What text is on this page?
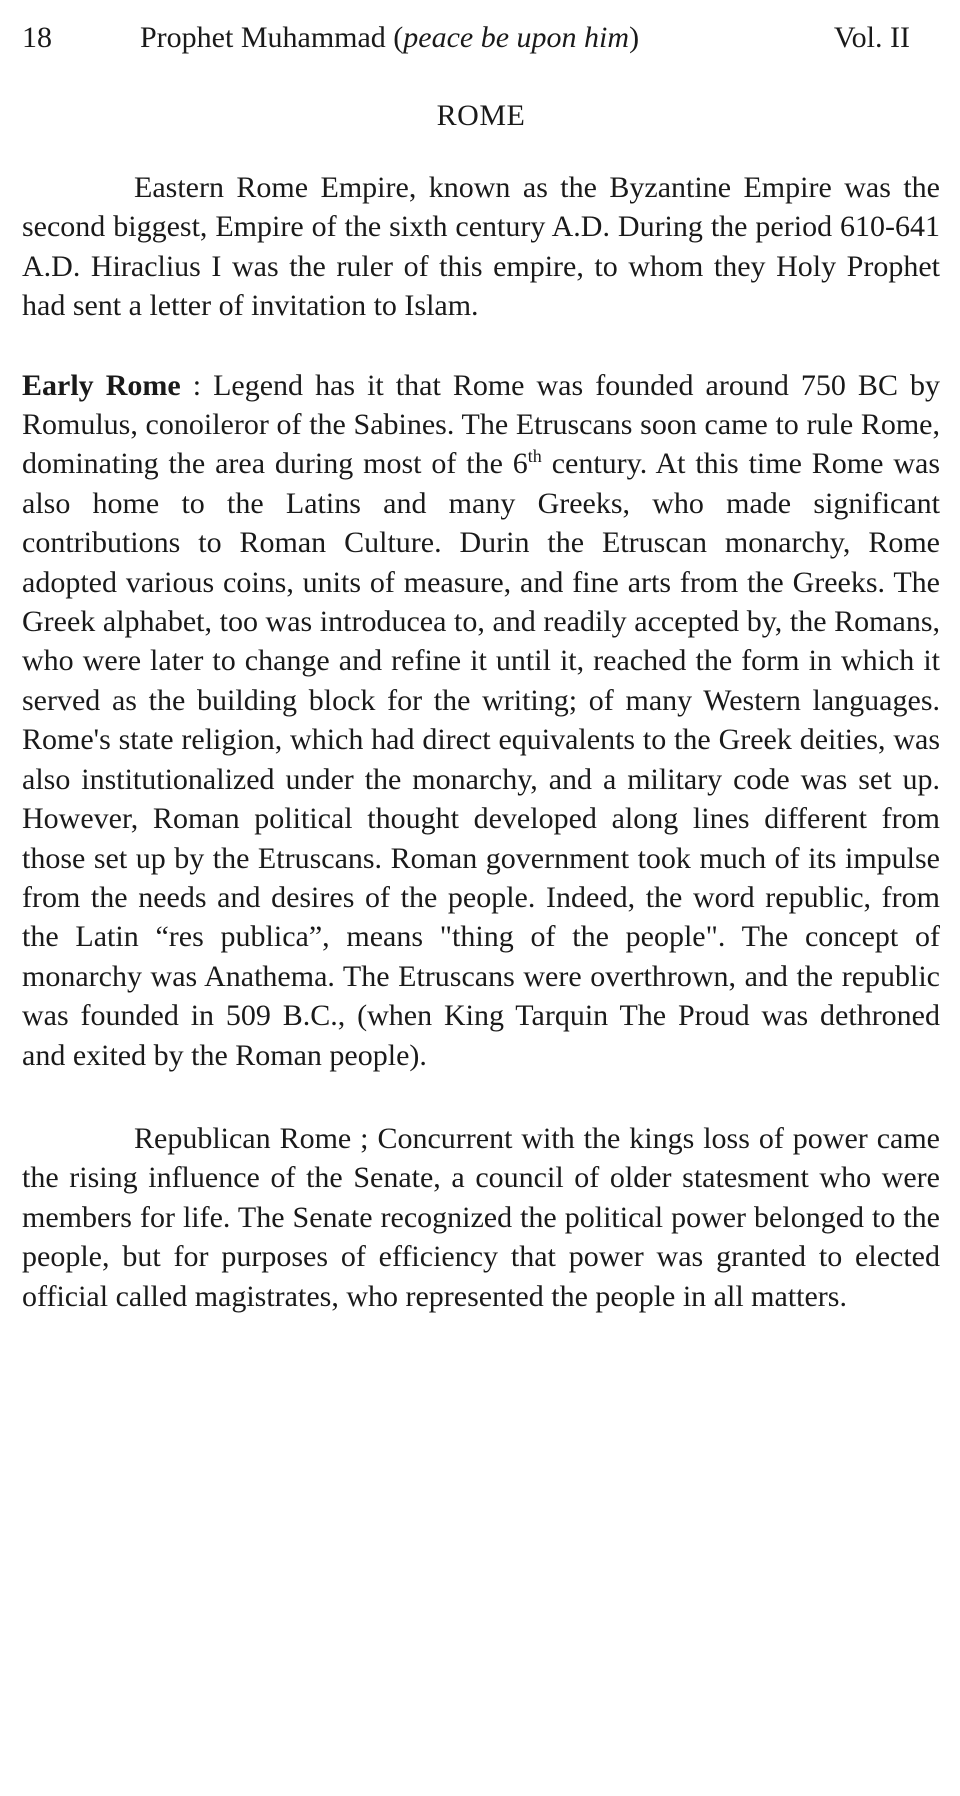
18	Prophet Muhammad (peace be upon him)	Vol. II
ROME

Eastern Rome Empire, known as the Byzantine Empire was the second biggest, Empire of the sixth century A.D. During the period 610-641 A.D. Hiraclius I was the ruler of this empire, to whom they Holy Prophet had sent a letter of invitation to Islam.

Early Rome : Legend has it that Rome was founded around 750 BC by Romulus, conoileror of the Sabines. The Etruscans soon came to rule Rome, dominating the area during most of the 6th century. At this time Rome was also home to the Latins and many Greeks, who made significant contributions to Roman Culture. Durin the Etruscan monarchy, Rome adopted various coins, units of measure, and fine arts from the Greeks. The Greek alphabet, too was introducea to, and readily accepted by, the Romans, who were later to change and refine it until it, reached the form in which it served as the building block for the writing; of many Western languages. Rome's state religion, which had direct equivalents to the Greek deities, was also institutionalized under the monarchy, and a military code was set up. However, Roman political thought developed along lines different from those set up by the Etruscans. Roman government took much of its impulse from the needs and desires of the people. Indeed, the word republic, from the Latin “res publica”, means "thing of the people". The concept of monarchy was Anathema. The Etruscans were overthrown, and the republic was founded in 509 B.C., (when King Tarquin The Proud was dethroned and exited by the Roman people).

Republican Rome ; Concurrent with the kings loss of power came the rising influence of the Senate, a council of older statesment who were members for life. The Senate recognized the political power belonged to the people, but for purposes of efficiency that power was granted to elected official called magistrates, who represented the people in all matters.
